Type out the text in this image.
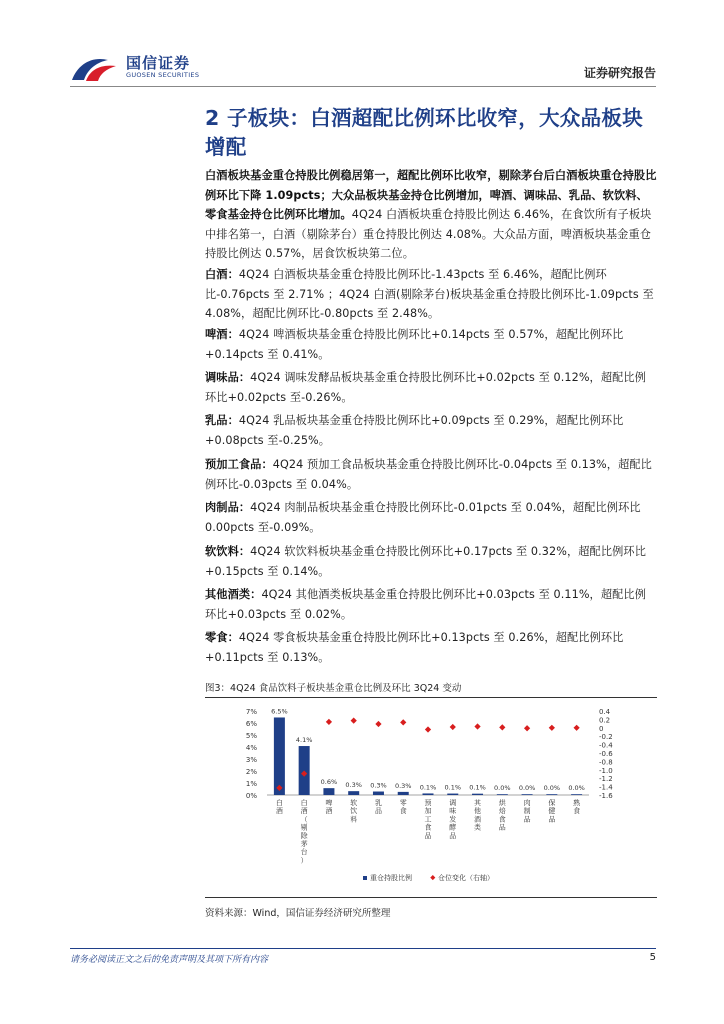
国信证券
GUOSEN SECURITIES	证券研究报告
2 子板块：白酒超配比例环比收窄，大众品板块增配
白酒板块基金重仓持股比例稳居第一，超配比例环比收窄，剔除茅台后白酒板块重仓持股比例环比下降 1.09pcts；大众品板块基金持仓比例增加，啤酒、调味品、乳品、软饮料、零食基金持仓比例环比增加。4Q24 白酒板块重仓持股比例达 6.46%，在食饮所有子板块中排名第一，白酒（剔除茅台）重仓持股比例达 4.08%。大众品方面，啤酒板块基金重仓持股比例达 0.57%，居食饮板块第二位。
白酒：4Q24 白酒板块基金重仓持股比例环比-1.43pcts 至 6.46%，超配比例环比-0.76pcts 至 2.71% ；4Q24 白酒(剔除茅台)板块基金重仓持股比例环比-1.09pcts 至 4.08%，超配比例环比-0.80pcts 至 2.48%。
啤酒：4Q24 啤酒板块基金重仓持股比例环比+0.14pcts 至 0.57%，超配比例环比+0.14pcts 至 0.41%。
调味品：4Q24 调味发酵品板块基金重仓持股比例环比+0.02pcts 至 0.12%，超配比例环比+0.02pcts 至-0.26%。
乳品：4Q24 乳品板块基金重仓持股比例环比+0.09pcts 至 0.29%，超配比例环比+0.08pcts 至-0.25%。
预加工食品：4Q24 预加工食品板块基金重仓持股比例环比-0.04pcts 至 0.13%，超配比例环比-0.03pcts 至 0.04%。
肉制品：4Q24 肉制品板块基金重仓持股比例环比-0.01pcts 至 0.04%，超配比例环比 0.00pcts 至-0.09%。
软饮料：4Q24 软饮料板块基金重仓持股比例环比+0.17pcts 至 0.32%，超配比例环比+0.15pcts 至 0.14%。
其他酒类：4Q24 其他酒类板块基金重仓持股比例环比+0.03pcts 至 0.11%，超配比例环比+0.03pcts 至 0.02%。
零食：4Q24 零食板块基金重仓持股比例环比+0.13pcts 至 0.26%，超配比例环比+0.11pcts 至 0.13%。
图3：4Q24 食品饮料子板块基金重仓比例及环比 3Q24 变动
7%
6%
5%
4%
3%
2%
1%
0%
0.4
0.2
0
-0.2
-0.4
-0.6
-0.8
-1.0
-1.2
-1.4
-1.6
6.5%
白
酒
4.1%
白
酒
（
剔
除
茅
台
）
0.6%
啤
酒
0.3%
软
饮
料
0.3%
乳
品
0.3%
零
食
0.1%
预
加
工
食
品
0.1%
调
味
发
酵
品
0.1%
其
他
酒
类
0.0%
烘
焙
食
品
0.0%
肉
制
品
0.0%
保
健
品
0.0%
熟
食
重仓持股比例	仓位变化（右轴）
资料来源：Wind，国信证券经济研究所整理
请务必阅读正文之后的免责声明及其项下所有内容	5
